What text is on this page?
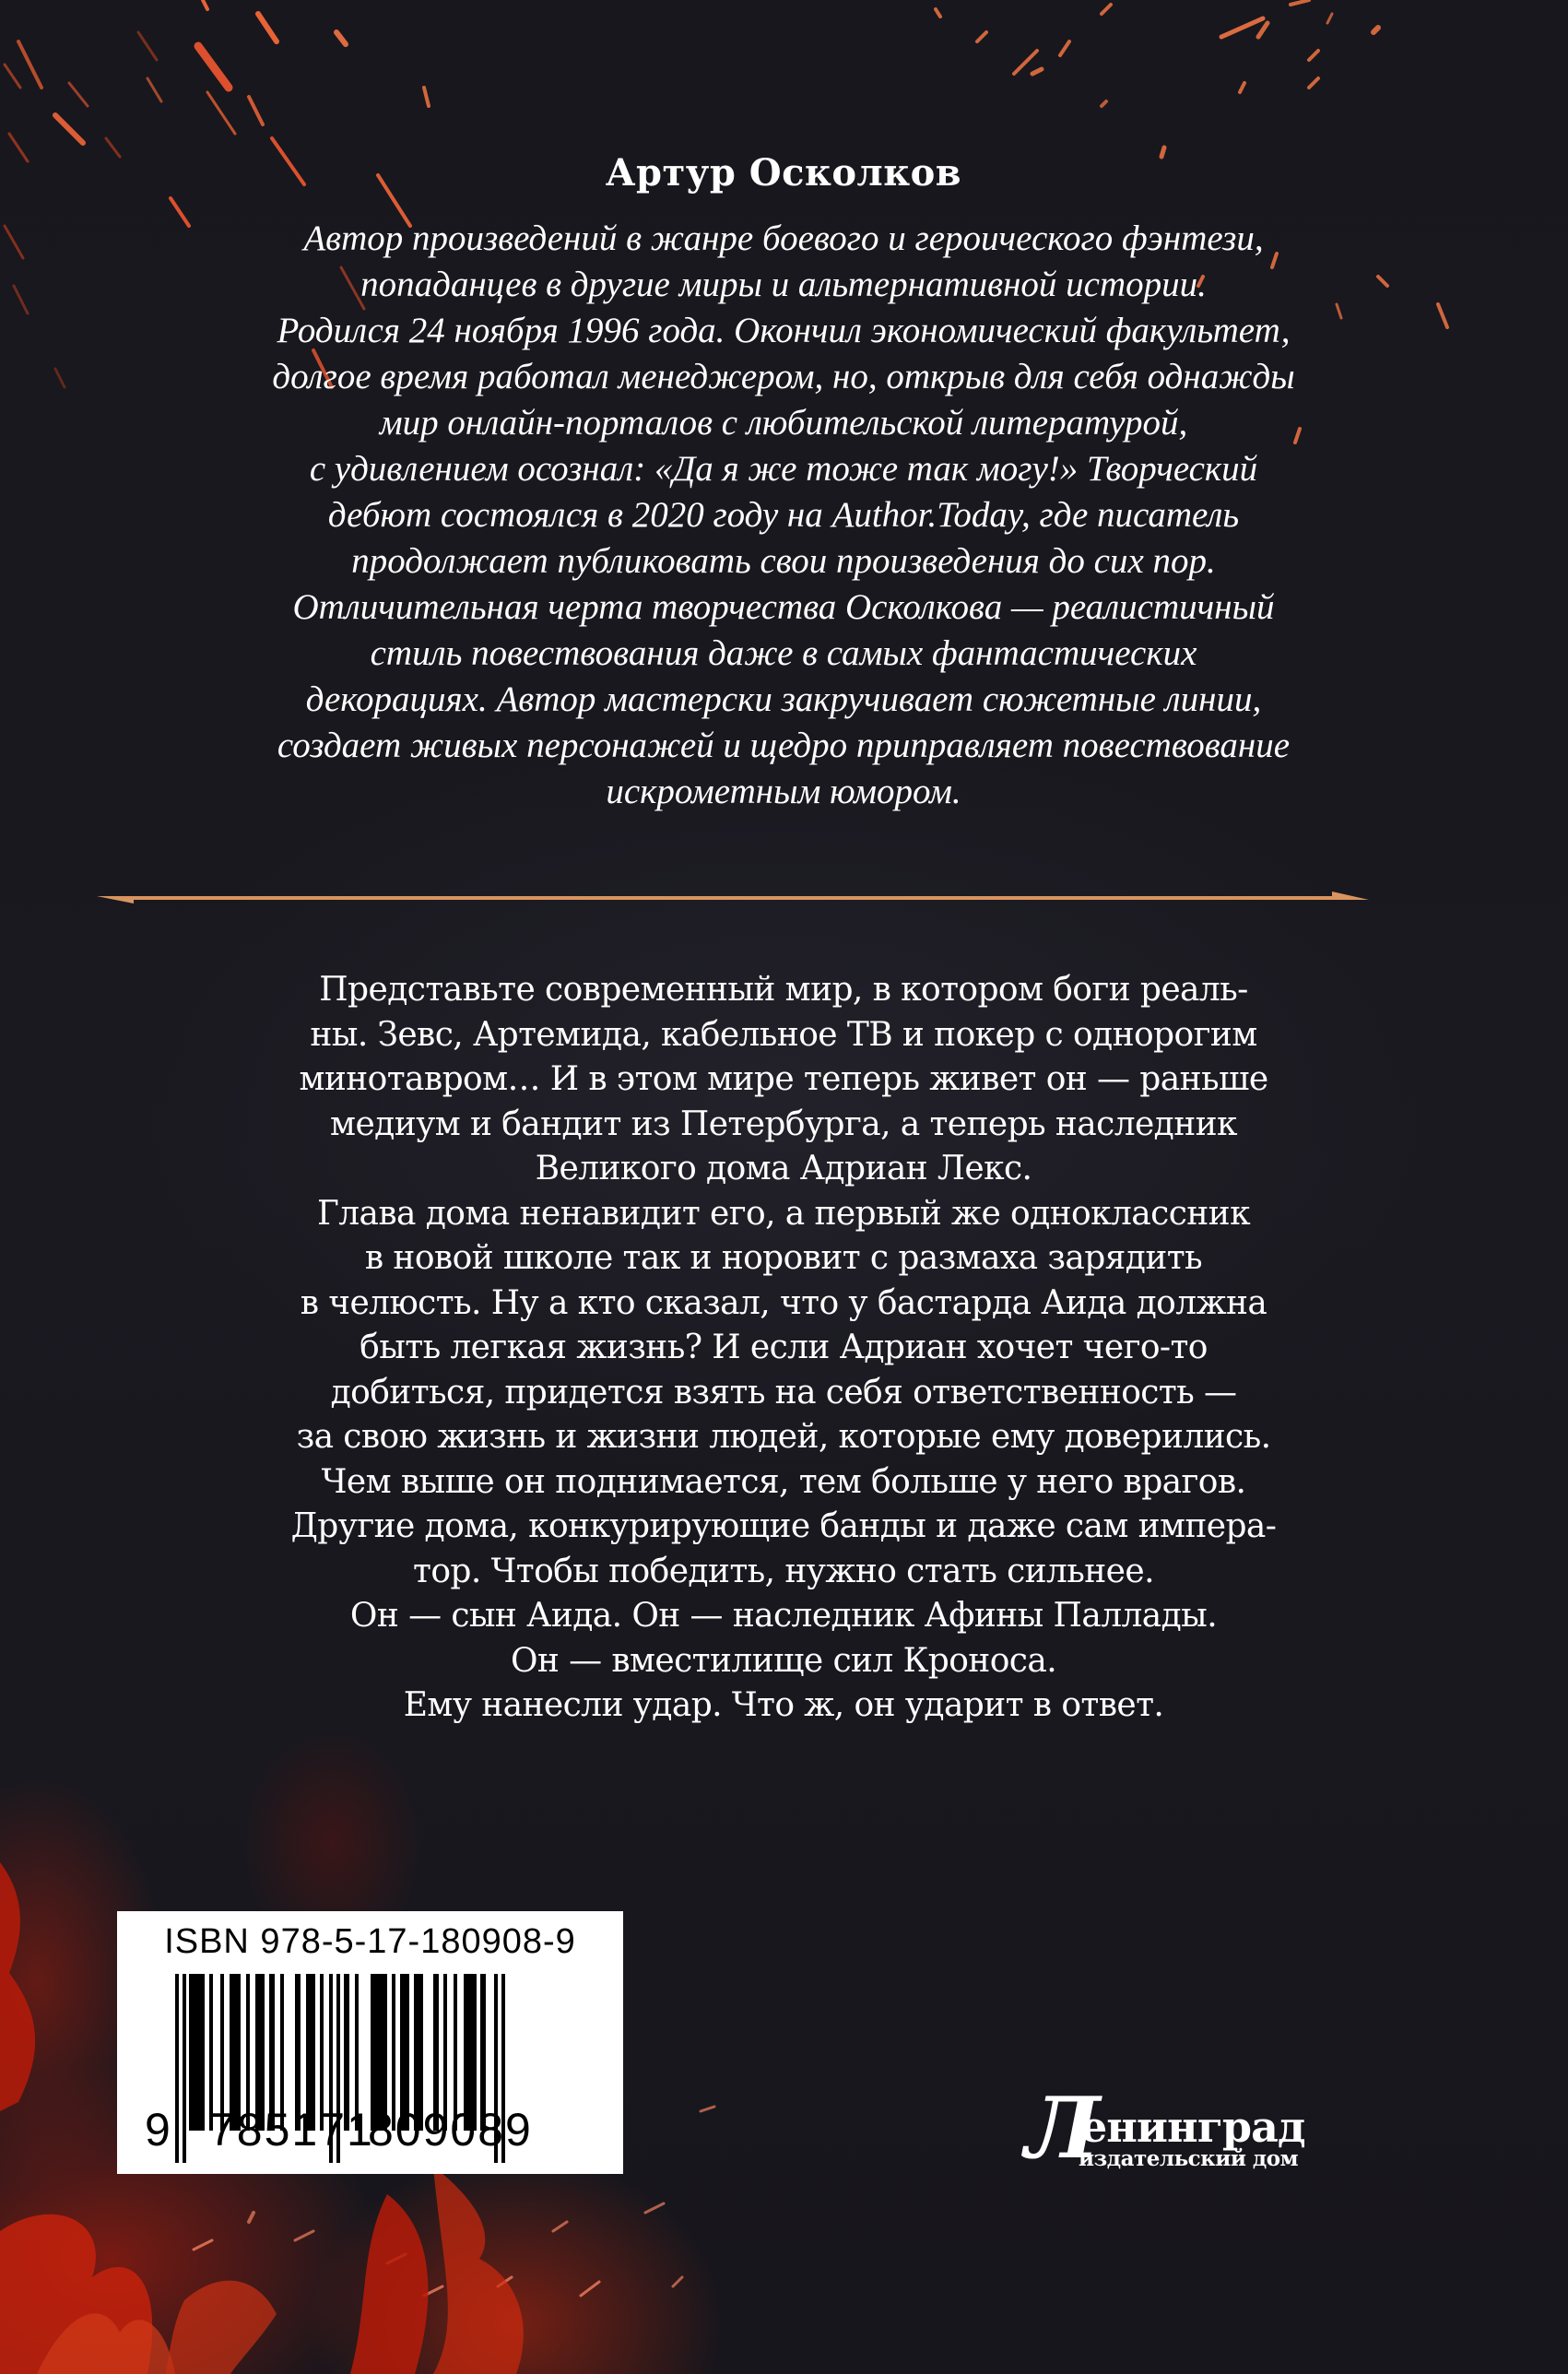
Артур Осколков

Автор произведений в жанре боевого и героического фэнтези,
попаданцев в другие миры и альтернативной истории.
Родился 24 ноября 1996 года. Окончил экономический факультет,
долгое время работал менеджером, но, открыв для себя однажды
мир онлайн-порталов с любительской литературой,
с удивлением осознал: «Да я же тоже так могу!» Творческий
дебют состоялся в 2020 году на Author.Today, где писатель
продолжает публиковать свои произведения до сих пор.
Отличительная черта творчества Осколкова — реалистичный
стиль повествования даже в самых фантастических
декорациях. Автор мастерски закручивает сюжетные линии,
создает живых персонажей и щедро приправляет повествование
искрометным юмором.

Представьте современный мир, в котором боги реаль-
ны. Зевс, Артемида, кабельное ТВ и покер с однорогим
минотавром… И в этом мире теперь живет он — раньше
медиум и бандит из Петербурга, а теперь наследник
Великого дома Адриан Лекс.
Глава дома ненавидит его, а первый же одноклассник
в новой школе так и норовит с размаха зарядить
в челюсть. Ну а кто сказал, что у бастарда Аида должна
быть легкая жизнь? И если Адриан хочет чего-то
добиться, придется взять на себя ответственность —
за свою жизнь и жизни людей, которые ему доверились.
Чем выше он поднимается, тем больше у него врагов.
Другие дома, конкурирующие банды и даже сам импера-
тор. Чтобы победить, нужно стать сильнее.
Он — сын Аида. Он — наследник Афины Паллады.
Он — вместилище сил Кроноса.
Ему нанесли удар. Что ж, он ударит в ответ.
ISBN 978-5-17-180908-9
9 785171
809089	Л
енинград
издательский дом
